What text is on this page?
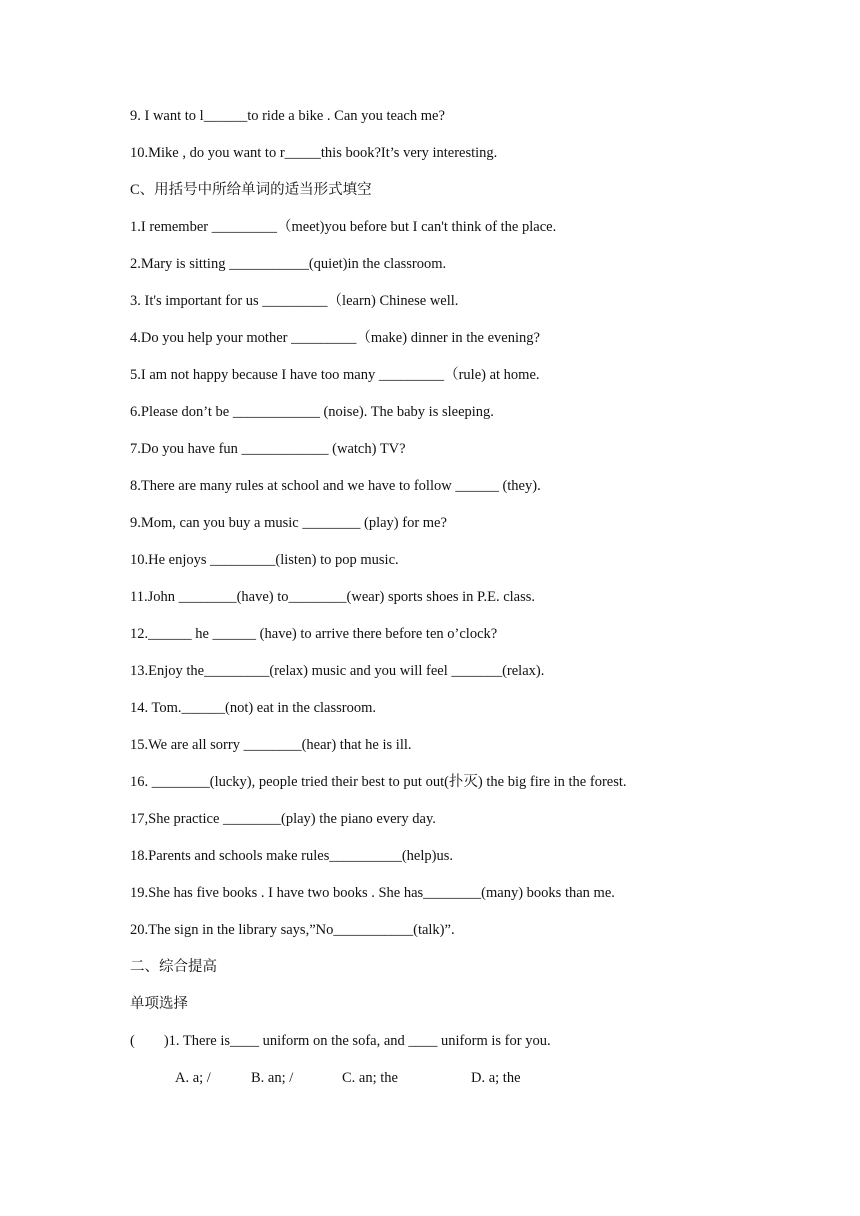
9. I want to l______to ride a bike . Can you teach me?
10.Mike , do you want to r_____this book?It’s very interesting.
C、用括号中所给单词的适当形式填空
1.I remember _________（meet)you before but I can't think of the place.
2.Mary is sitting ___________(quiet)in the classroom.
3. It's important for us _________（learn) Chinese well.
4.Do you help your mother _________（make) dinner in the evening?
5.I am not happy because I have too many _________（rule) at home.
6.Please don’t be ____________ (noise). The baby is sleeping.
7.Do you have fun ____________ (watch) TV?
8.There are many rules at school and we have to follow ______ (they).
9.Mom, can you buy a music ________ (play) for me?
10.He enjoys _________(listen) to pop music.
11.John ________(have) to________(wear) sports shoes in P.E. class.
12.______ he ______ (have) to arrive there before ten o’clock?
13.Enjoy the_________(relax) music and you will feel _______(relax).
14. Tom.______(not) eat in the classroom.
15.We are all sorry ________(hear) that he is ill.
16. ________(lucky), people tried their best to put out(扑灭) the big fire in the forest.
17,She practice ________(play) the piano every day.
18.Parents and schools make rules__________(help)us.
19.She has five books . I have two books . She has________(many) books than me.
20.The sign in the library says,”No___________(talk)”.
二、综合提高
单项选择
(        )1. There is____ uniform on the sofa, and ____ uniform is for you.
A. a; /	B. an; /	C. an; the	D. a; the
